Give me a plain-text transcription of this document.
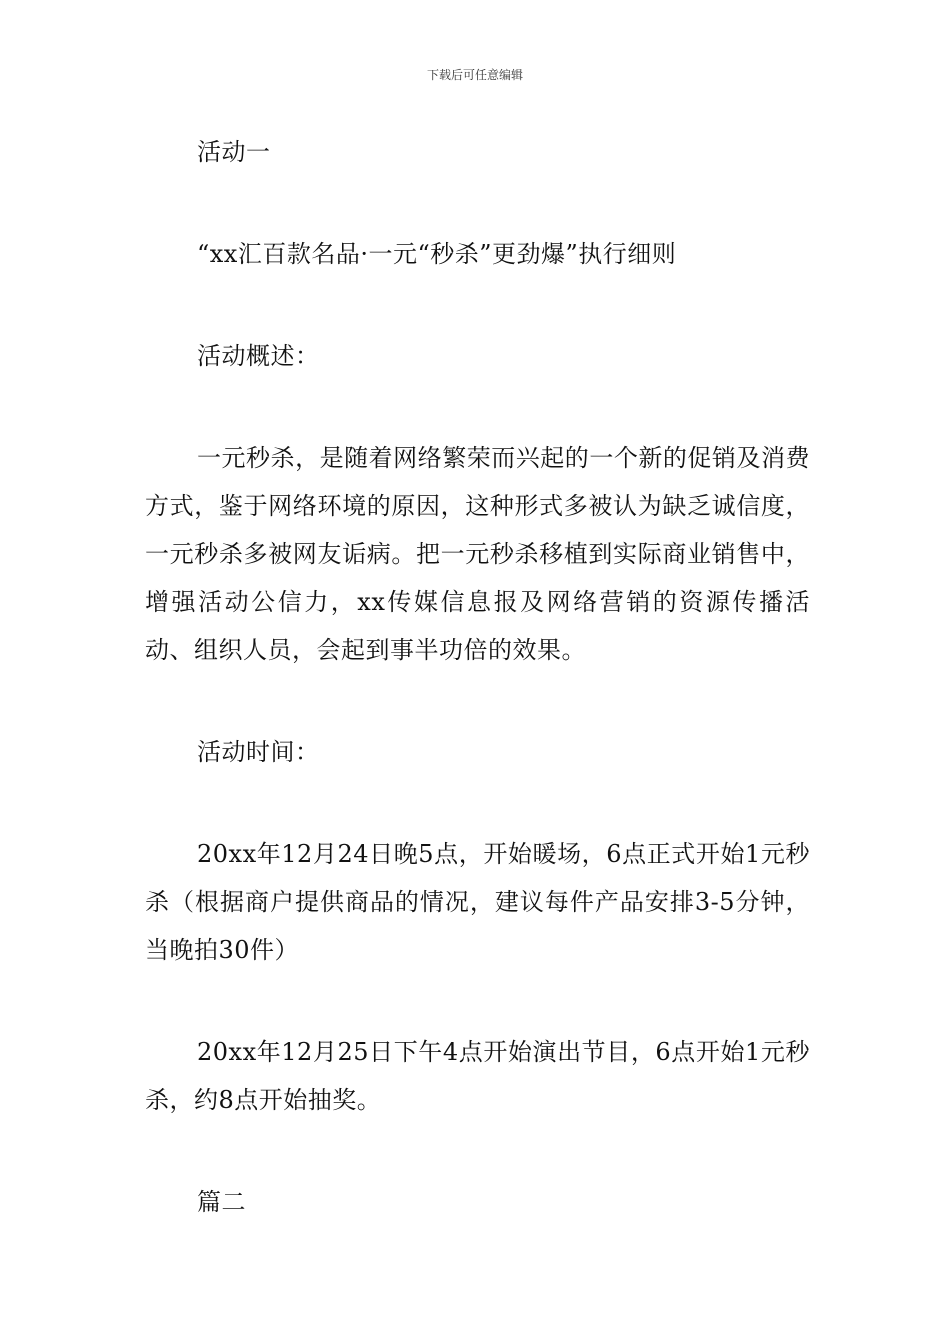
下载后可任意编辑

活动一

“xx汇百款名品·一元“秒杀”更劲爆”执行细则

活动概述：

一元秒杀，是随着网络繁荣而兴起的一个新的促销及消费方式，鉴于网络环境的原因，这种形式多被认为缺乏诚信度，一元秒杀多被网友诟病。把一元秒杀移植到实际商业销售中，增强活动公信力，xx传媒信息报及网络营销的资源传播活动、组织人员，会起到事半功倍的效果。

活动时间：

20xx年12月24日晚5点，开始暖场，6点正式开始1元秒杀（根据商户提供商品的情况，建议每件产品安排3-5分钟，当晚拍30件）

20xx年12月25日下午4点开始演出节目，6点开始1元秒杀，约8点开始抽奖。

篇二
